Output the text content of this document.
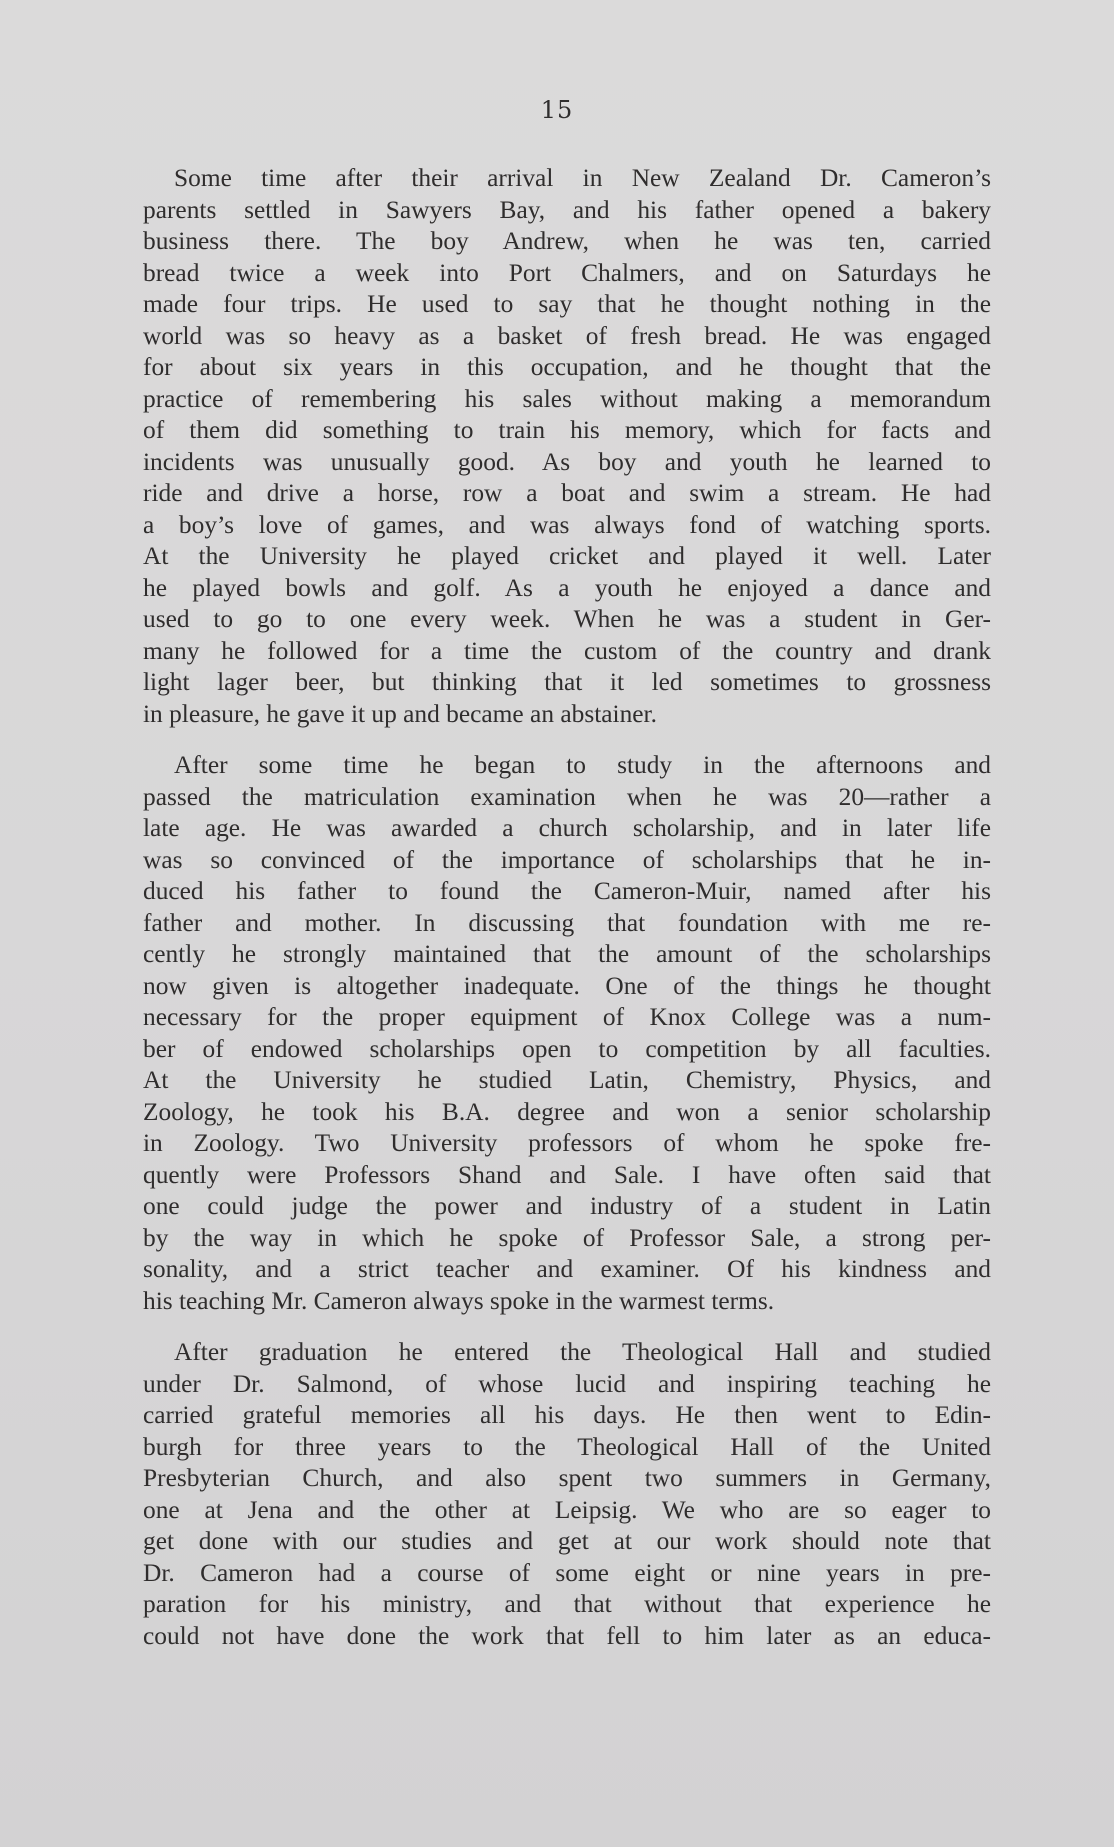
15
Some time after their arrival in New Zealand Dr. Cameron’s
parents settled in Sawyers Bay, and his father opened a bakery
business there. The boy Andrew, when he was ten, carried
bread twice a week into Port Chalmers, and on Saturdays he
made four trips. He used to say that he thought nothing in the
world was so heavy as a basket of fresh bread. He was engaged
for about six years in this occupation, and he thought that the
practice of remembering his sales without making a memorandum
of them did something to train his memory, which for facts and
incidents was unusually good. As boy and youth he learned to
ride and drive a horse, row a boat and swim a stream. He had
a boy’s love of games, and was always fond of watching sports.
At the University he played cricket and played it well. Later
he played bowls and golf. As a youth he enjoyed a dance and
used to go to one every week. When he was a student in Ger-
many he followed for a time the custom of the country and drank
light lager beer, but thinking that it led sometimes to grossness
in pleasure, he gave it up and became an abstainer.
After some time he began to study in the afternoons and
passed the matriculation examination when he was 20—rather a
late age. He was awarded a church scholarship, and in later life
was so convinced of the importance of scholarships that he in-
duced his father to found the Cameron-Muir, named after his
father and mother. In discussing that foundation with me re-
cently he strongly maintained that the amount of the scholarships
now given is altogether inadequate. One of the things he thought
necessary for the proper equipment of Knox College was a num-
ber of endowed scholarships open to competition by all faculties.
At the University he studied Latin, Chemistry, Physics, and
Zoology, he took his B.A. degree and won a senior scholarship
in Zoology. Two University professors of whom he spoke fre-
quently were Professors Shand and Sale. I have often said that
one could judge the power and industry of a student in Latin
by the way in which he spoke of Professor Sale, a strong per-
sonality, and a strict teacher and examiner. Of his kindness and
his teaching Mr. Cameron always spoke in the warmest terms.
After graduation he entered the Theological Hall and studied
under Dr. Salmond, of whose lucid and inspiring teaching he
carried grateful memories all his days. He then went to Edin-
burgh for three years to the Theological Hall of the United
Presbyterian Church, and also spent two summers in Germany,
one at Jena and the other at Leipsig. We who are so eager to
get done with our studies and get at our work should note that
Dr. Cameron had a course of some eight or nine years in pre-
paration for his ministry, and that without that experience he
could not have done the work that fell to him later as an educa-
